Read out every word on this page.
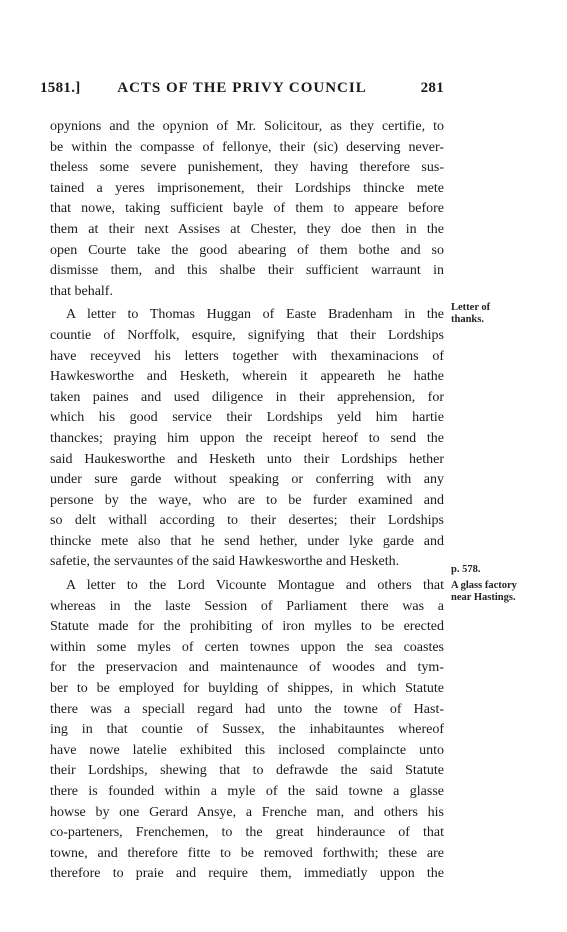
1581.]	ACTS OF THE PRIVY COUNCIL	281
opynions and the opynion of Mr. Solicitour, as they certifie, to
be within the compasse of fellonye, their (sic) deserving never-
theless some severe punishement, they having therefore sus-
tained a yeres imprisonement, their Lordships thincke mete
that nowe, taking sufficient bayle of them to appeare before
them at their next Assises at Chester, they doe then in the
open Courte take the good abearing of them bothe and so
dismisse them, and this shalbe their sufficient warraunt in
that behalf.
A letter to Thomas Huggan of Easte Bradenham in the
countie of Norffolk, esquire, signifying that their Lordships
have receyved his letters together with thexaminacions of
Hawkesworthe and Hesketh, wherein it appeareth he hathe
taken paines and used diligence in their apprehension, for
which his good service their Lordships yeld him hartie
thanckes; praying him uppon the receipt hereof to send the
said Haukesworthe and Hesketh unto their Lordships hether
under sure garde without speaking or conferring with any
persone by the waye, who are to be furder examined and
so delt withall according to their desertes; their Lordships
thincke mete also that he send hether, under lyke garde and
safetie, the servauntes of the said Hawkesworthe and Hesketh.
A letter to the Lord Vicounte Montague and others that
whereas in the laste Session of Parliament there was a
Statute made for the prohibiting of iron mylles to be erected
within some myles of certen townes uppon the sea coastes
for the preservacion and maintenaunce of woodes and tym-
ber to be employed for buylding of shippes, in which Statute
there was a speciall regard had unto the towne of Hast-
ing in that countie of Sussex, the inhabitauntes whereof
have nowe latelie exhibited this inclosed complaincte unto
their Lordships, shewing that to defrawde the said Statute
there is founded within a myle of the said towne a glasse
howse by one Gerard Ansye, a Frenche man, and others his
co-parteners, Frenchemen, to the great hinderaunce of that
towne, and therefore fitte to be removed forthwith; these are
therefore to praie and require them, immediatly uppon the
Letter of
thanks.
p. 578.
A glass factory
near Hastings.
